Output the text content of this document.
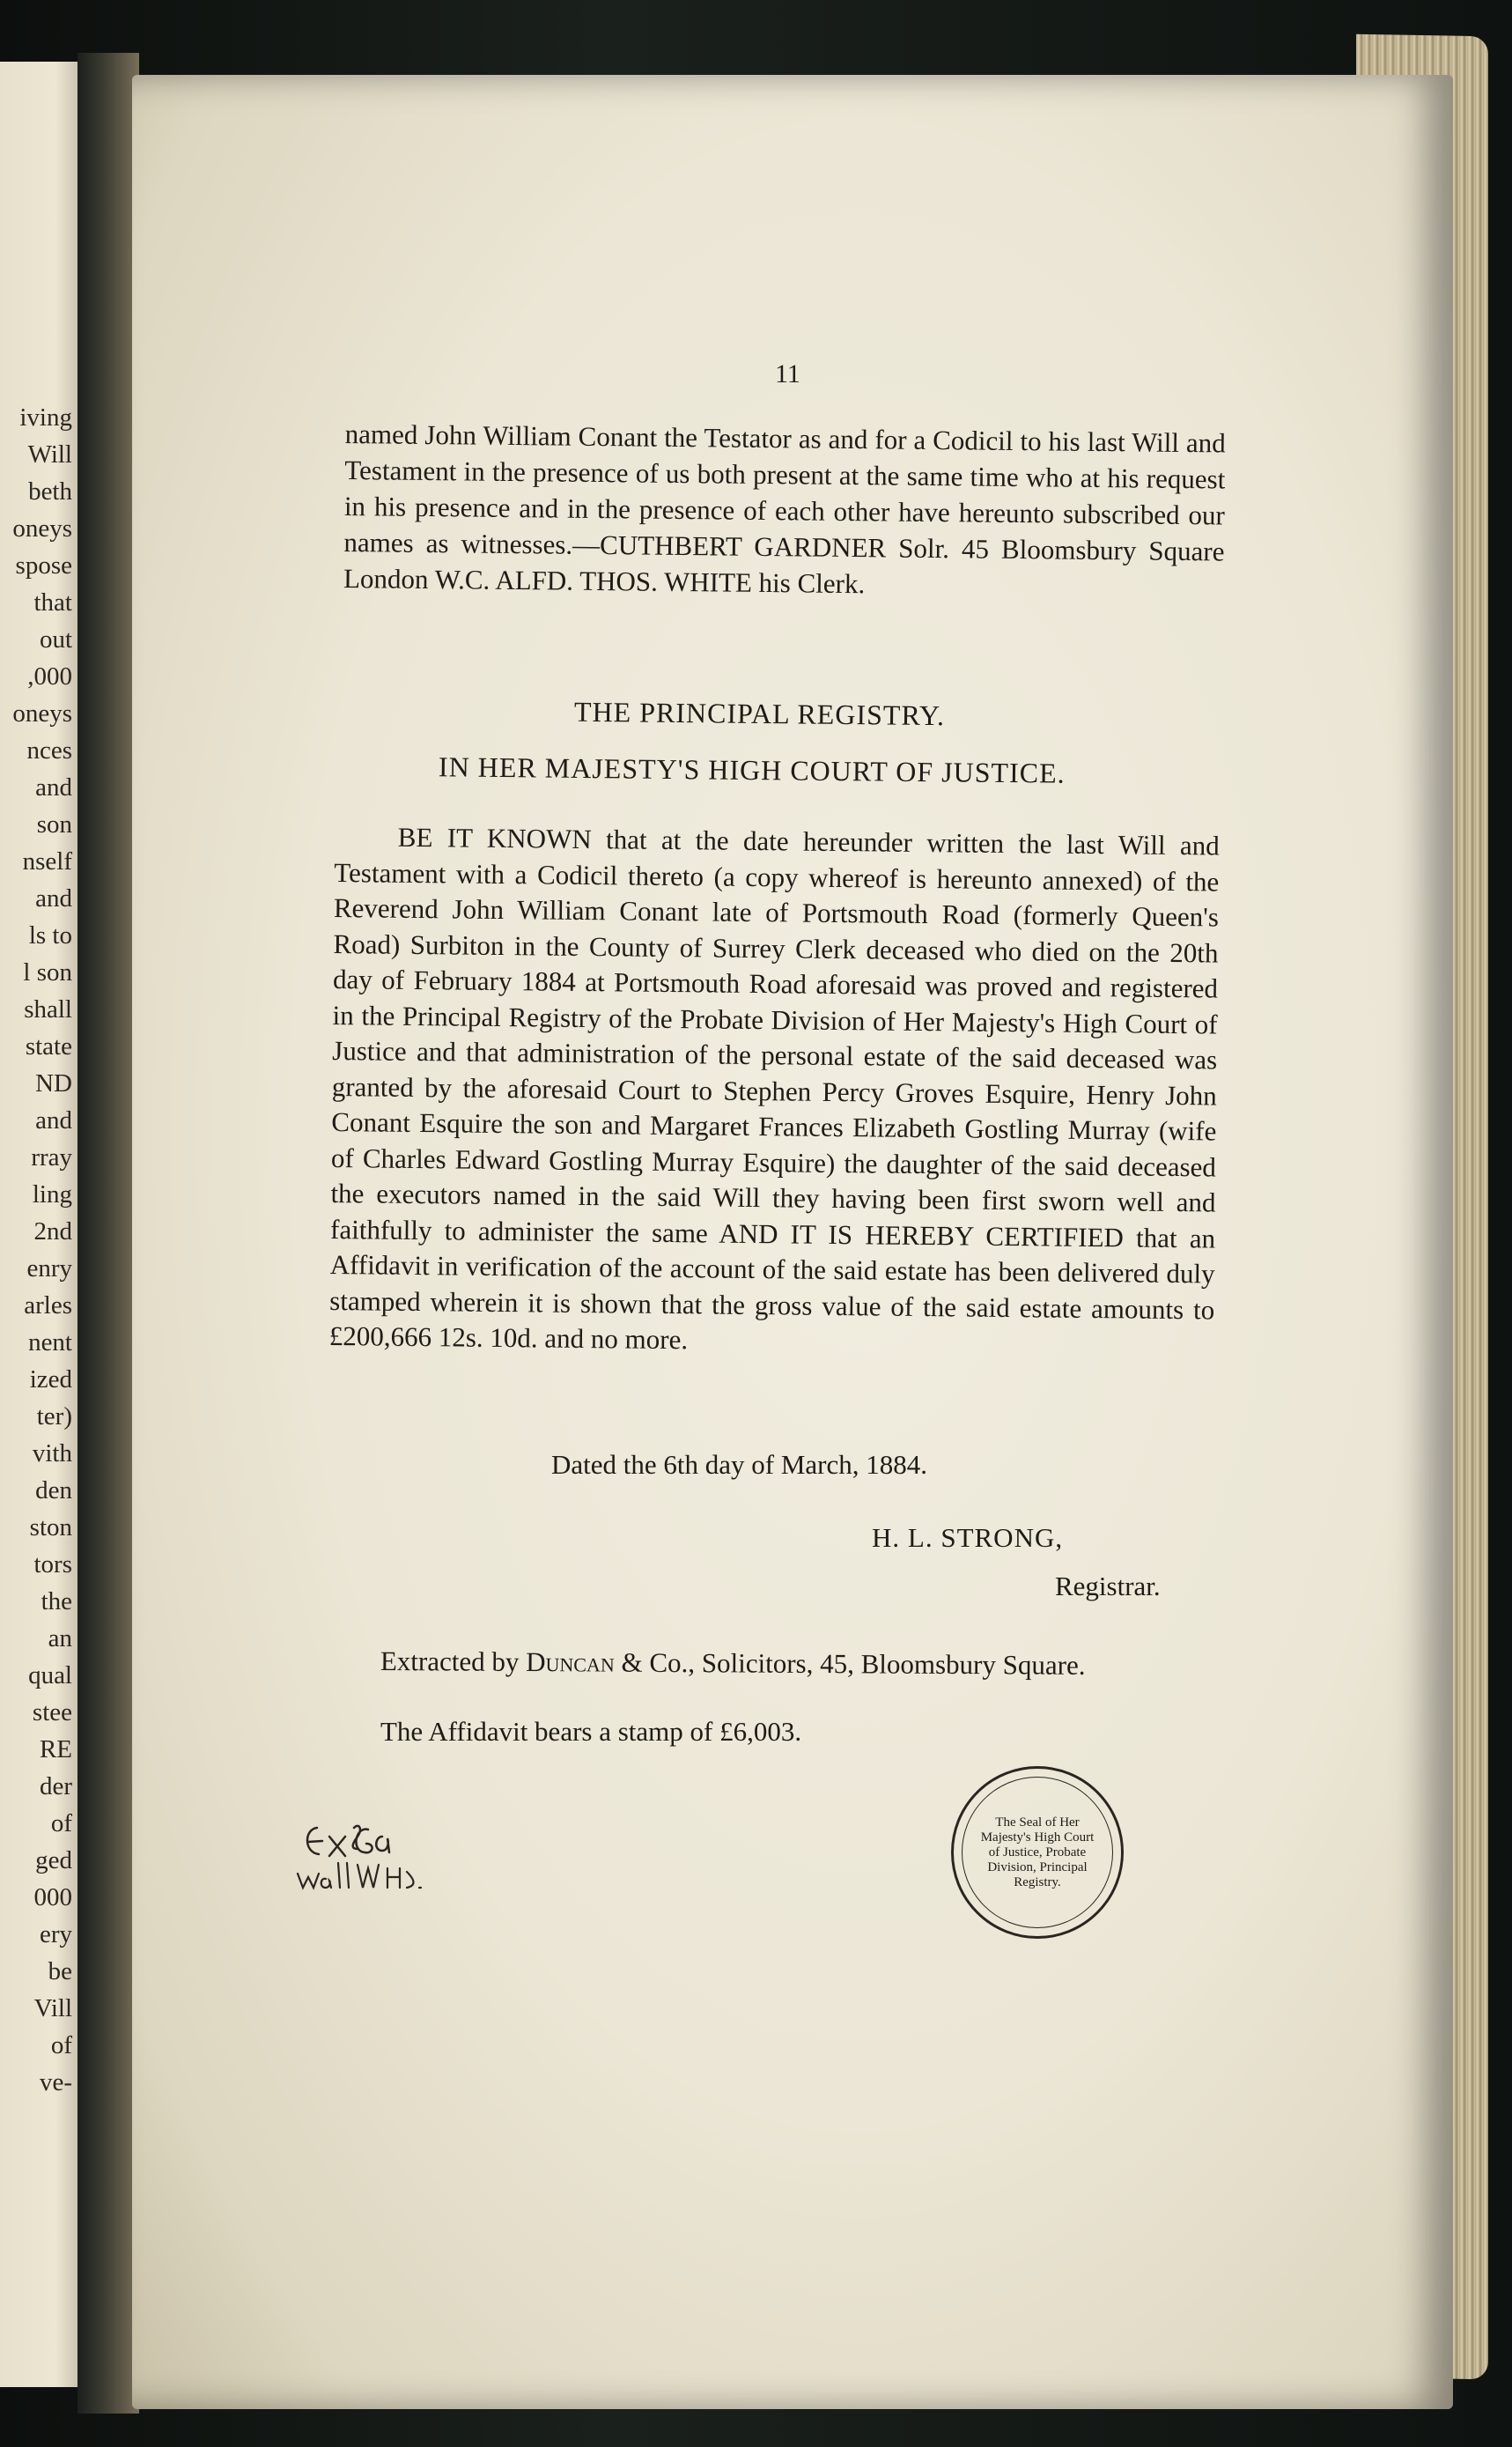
iving
Will
beth
oneys
spose
that
out
,000
oneys
nces
and
son
nself
and
ls to
l son
shall
state
ND
and
rray
ling
2nd
enry
arles
nent
ized
ter)
vith
den
ston
tors
the
an
qual
stee
RE
der
of
ged
000
ery
be
Vill
of
ve-
11
named John William Conant the Testator as and for a Codicil to his last Will and Testament in the presence of us both present at the same time who at his request in his presence and in the presence of each other have hereunto subscribed our names as witnesses.—CUTHBERT GARDNER Solr. 45 Bloomsbury Square London W.C. ALFD. THOS. WHITE his Clerk.
THE PRINCIPAL REGISTRY.
IN HER MAJESTY'S HIGH COURT OF JUSTICE.
BE IT KNOWN that at the date hereunder written the last Will and Testament with a Codicil thereto (a copy whereof is hereunto annexed) of the Reverend John William Conant late of Portsmouth Road (formerly Queen's Road) Surbiton in the County of Surrey Clerk deceased who died on the 20th day of February 1884 at Portsmouth Road aforesaid was proved and registered in the Principal Registry of the Probate Division of Her Majesty's High Court of Justice and that administration of the personal estate of the said deceased was granted by the aforesaid Court to Stephen Percy Groves Esquire, Henry John Conant Esquire the son and Margaret Frances Elizabeth Gostling Murray (wife of Charles Edward Gostling Murray Esquire) the daughter of the said deceased the executors named in the said Will they having been first sworn well and faithfully to administer the same AND IT IS HEREBY CERTIFIED that an Affidavit in verification of the account of the said estate has been delivered duly stamped wherein it is shown that the gross value of the said estate amounts to £200,666 12s. 10d. and no more.
Dated the 6th day of March, 1884.
H. L. STRONG,
Registrar.
Extracted by Duncan & Co., Solicitors, 45, Bloomsbury Square.
The Affidavit bears a stamp of £6,003.
The Seal of Her Majesty's High Court of Justice, Probate Division, Principal Registry.
